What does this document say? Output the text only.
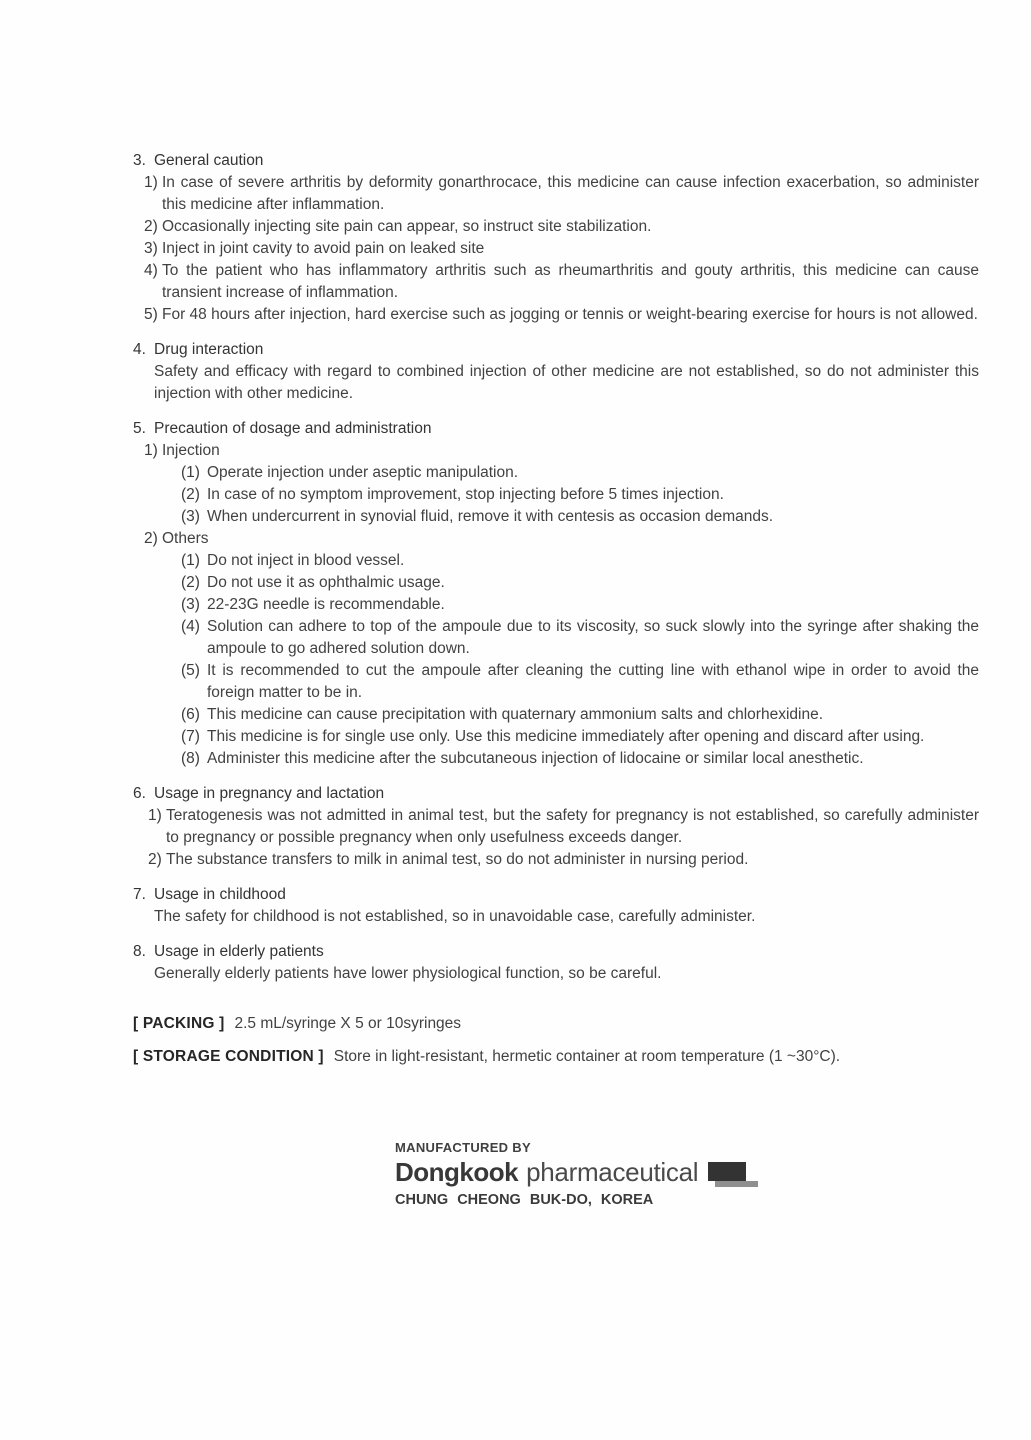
3. General caution
1) In case of severe arthritis by deformity gonarthrocace, this medicine can cause infection exacerbation, so administer this medicine after inflammation.
2) Occasionally injecting site pain can appear, so instruct site stabilization.
3) Inject in joint cavity to avoid pain on leaked site
4) To the patient who has inflammatory arthritis such as rheumarthritis and gouty arthritis, this medicine can cause transient increase of inflammation.
5) For 48 hours after injection, hard exercise such as jogging or tennis or weight-bearing exercise for hours is not allowed.
4. Drug interaction
Safety and efficacy with regard to combined injection of other medicine are not established, so do not administer this injection with other medicine.
5. Precaution of dosage and administration
1) Injection
(1) Operate injection under aseptic manipulation.
(2) In case of no symptom improvement, stop injecting before 5 times injection.
(3) When undercurrent in synovial fluid, remove it with centesis as occasion demands.
2) Others
(1) Do not inject in blood vessel.
(2) Do not use it as ophthalmic usage.
(3) 22-23G needle is recommendable.
(4) Solution can adhere to top of the ampoule due to its viscosity, so suck slowly into the syringe after shaking the ampoule to go adhered solution down.
(5) It is recommended to cut the ampoule after cleaning the cutting line with ethanol wipe in order to avoid the foreign matter to be in.
(6) This medicine can cause precipitation with quaternary ammonium salts and chlorhexidine.
(7) This medicine is for single use only. Use this medicine immediately after opening and discard after using.
(8) Administer this medicine after the subcutaneous injection of lidocaine or similar local anesthetic.
6. Usage in pregnancy and lactation
1) Teratogenesis was not admitted in animal test, but the safety for pregnancy is not established, so carefully administer to pregnancy or possible pregnancy when only usefulness exceeds danger.
2) The substance transfers to milk in animal test, so do not administer in nursing period.
7. Usage in childhood
The safety for childhood is not established, so in unavoidable case, carefully administer.
8. Usage in elderly patients
Generally elderly patients have lower physiological function, so be careful.
[ PACKING ] 2.5 mL/syringe X 5 or 10syringes
[ STORAGE CONDITION ] Store in light-resistant, hermetic container at room temperature (1 ~30°C).
MANUFACTURED BY
Dongkook pharmaceutical
CHUNG CHEONG BUK-DO, KOREA
